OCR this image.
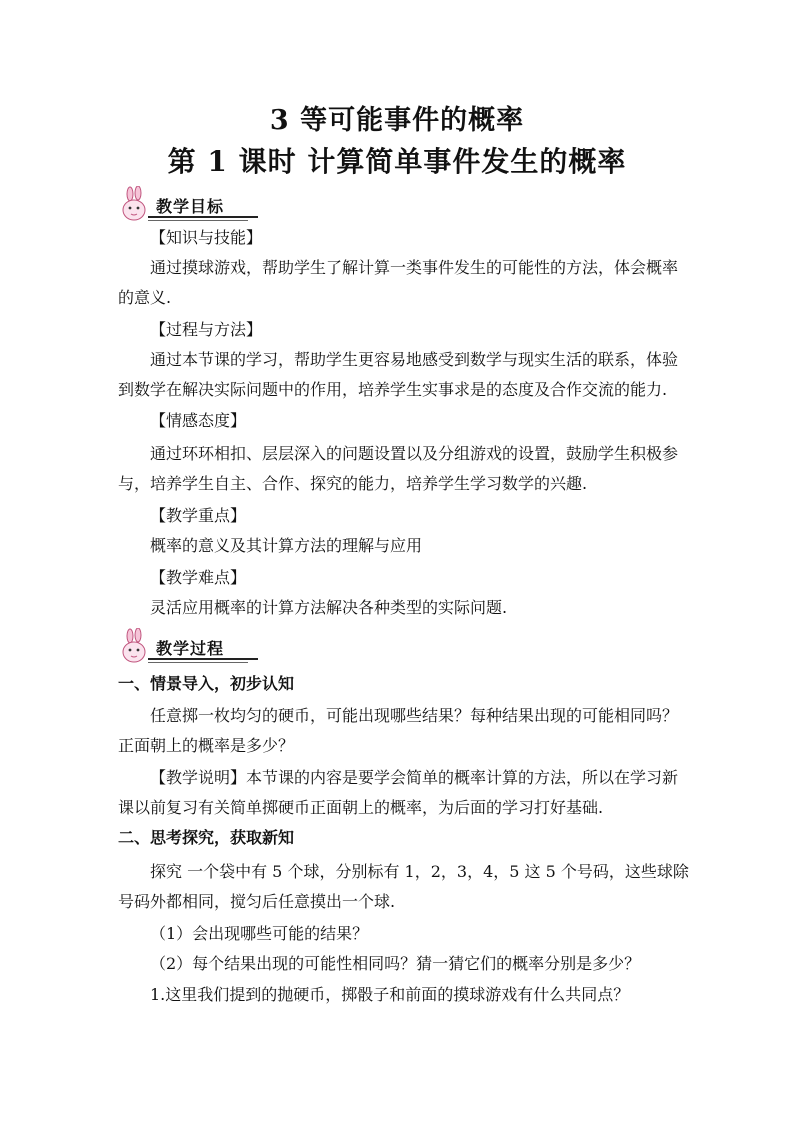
3 等可能事件的概率
第 1 课时 计算简单事件发生的概率
教学目标
【知识与技能】
通过摸球游戏，帮助学生了解计算一类事件发生的可能性的方法，体会概率
的意义.
【过程与方法】
通过本节课的学习，帮助学生更容易地感受到数学与现实生活的联系，体验
到数学在解决实际问题中的作用，培养学生实事求是的态度及合作交流的能力.
【情感态度】
通过环环相扣、层层深入的问题设置以及分组游戏的设置，鼓励学生积极参
与，培养学生自主、合作、探究的能力，培养学生学习数学的兴趣.
【教学重点】
概率的意义及其计算方法的理解与应用
【教学难点】
灵活应用概率的计算方法解决各种类型的实际问题.
教学过程
一、情景导入，初步认知
任意掷一枚均匀的硬币，可能出现哪些结果？每种结果出现的可能相同吗？
正面朝上的概率是多少？
【教学说明】本节课的内容是要学会简单的概率计算的方法，所以在学习新
课以前复习有关简单掷硬币正面朝上的概率，为后面的学习打好基础.
二、思考探究，获取新知
探究 一个袋中有 5 个球，分别标有 1，2，3，4，5 这 5 个号码，这些球除
号码外都相同，搅匀后任意摸出一个球.
（1）会出现哪些可能的结果？
（2）每个结果出现的可能性相同吗？猜一猜它们的概率分别是多少？
1.这里我们提到的抛硬币，掷骰子和前面的摸球游戏有什么共同点？
